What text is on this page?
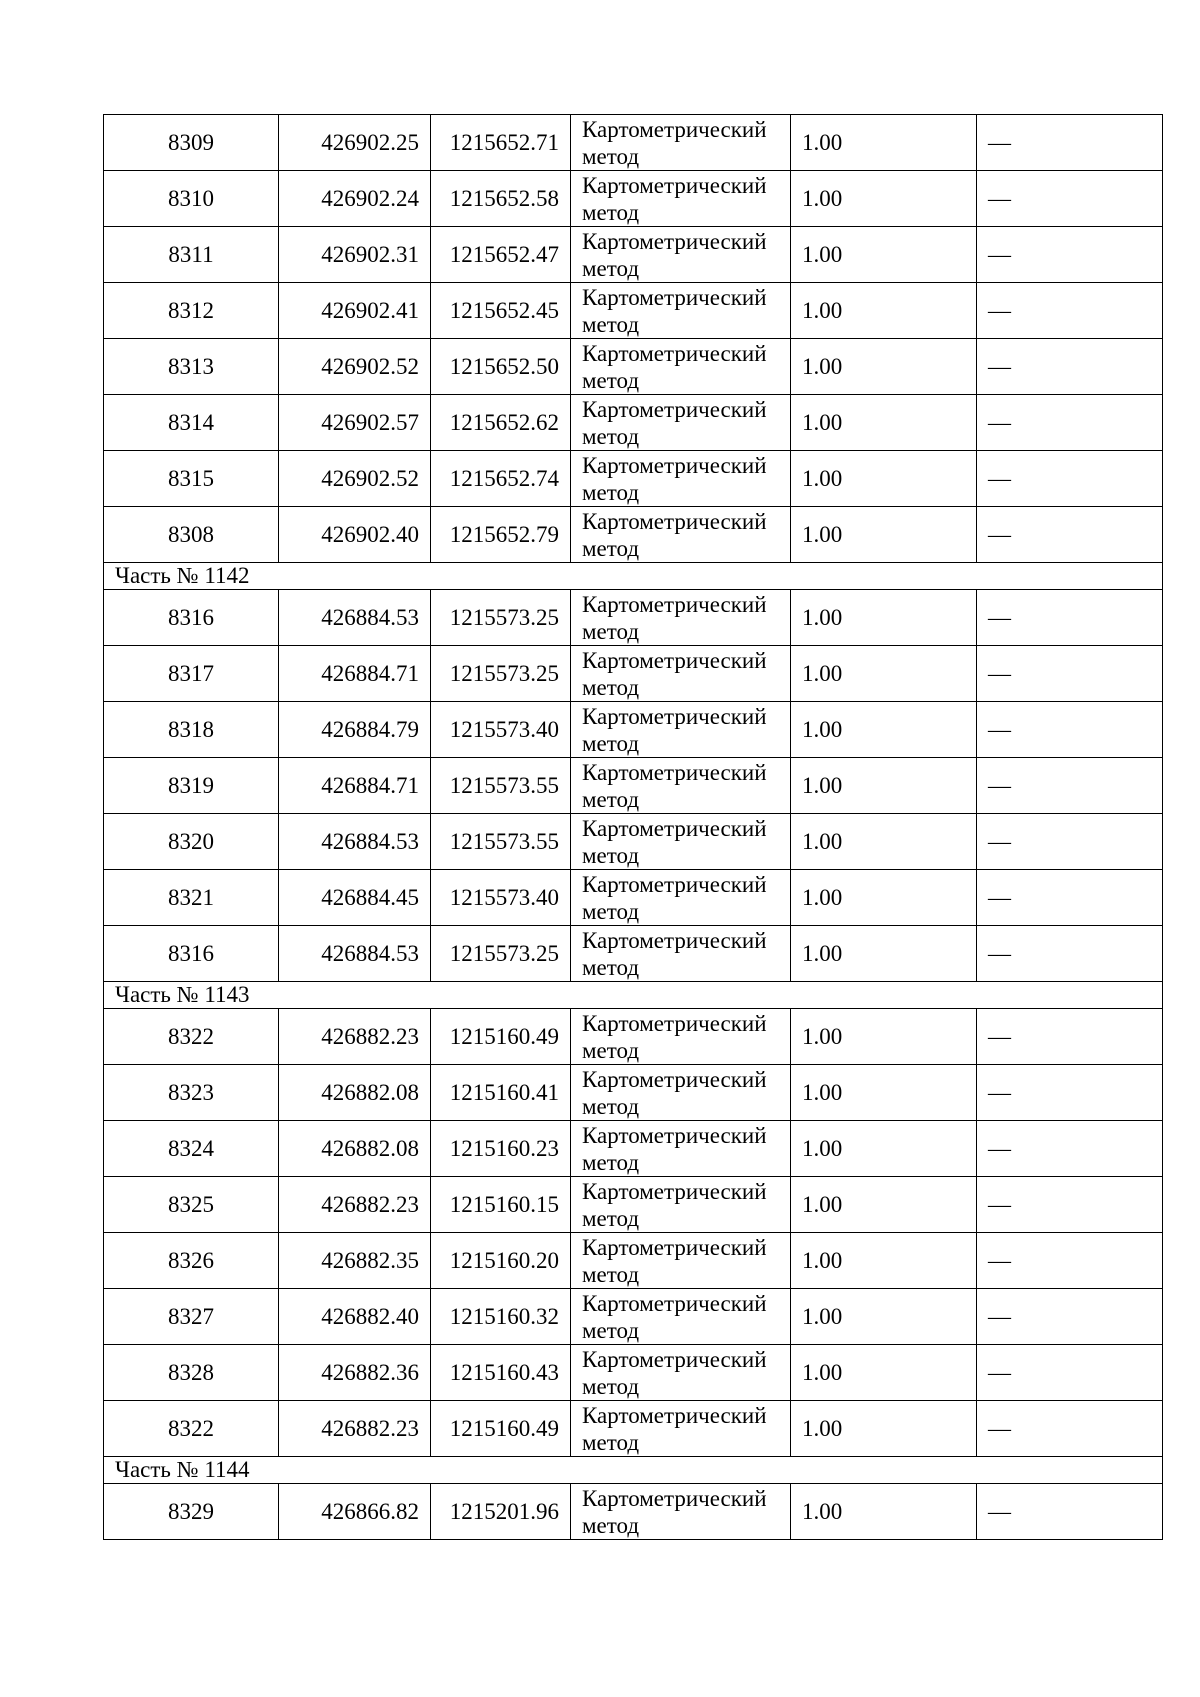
8309	426902.25	1215652.71	Картометрический метод	1.00	—
8310	426902.24	1215652.58	Картометрический метод	1.00	—
8311	426902.31	1215652.47	Картометрический метод	1.00	—
8312	426902.41	1215652.45	Картометрический метод	1.00	—
8313	426902.52	1215652.50	Картометрический метод	1.00	—
8314	426902.57	1215652.62	Картометрический метод	1.00	—
8315	426902.52	1215652.74	Картометрический метод	1.00	—
8308	426902.40	1215652.79	Картометрический метод	1.00	—
Часть № 1142					
8316	426884.53	1215573.25	Картометрический метод	1.00	—
8317	426884.71	1215573.25	Картометрический метод	1.00	—
8318	426884.79	1215573.40	Картометрический метод	1.00	—
8319	426884.71	1215573.55	Картометрический метод	1.00	—
8320	426884.53	1215573.55	Картометрический метод	1.00	—
8321	426884.45	1215573.40	Картометрический метод	1.00	—
8316	426884.53	1215573.25	Картометрический метод	1.00	—
Часть № 1143					
8322	426882.23	1215160.49	Картометрический метод	1.00	—
8323	426882.08	1215160.41	Картометрический метод	1.00	—
8324	426882.08	1215160.23	Картометрический метод	1.00	—
8325	426882.23	1215160.15	Картометрический метод	1.00	—
8326	426882.35	1215160.20	Картометрический метод	1.00	—
8327	426882.40	1215160.32	Картометрический метод	1.00	—
8328	426882.36	1215160.43	Картометрический метод	1.00	—
8322	426882.23	1215160.49	Картометрический метод	1.00	—
Часть № 1144					
8329	426866.82	1215201.96	Картометрический метод	1.00	—
